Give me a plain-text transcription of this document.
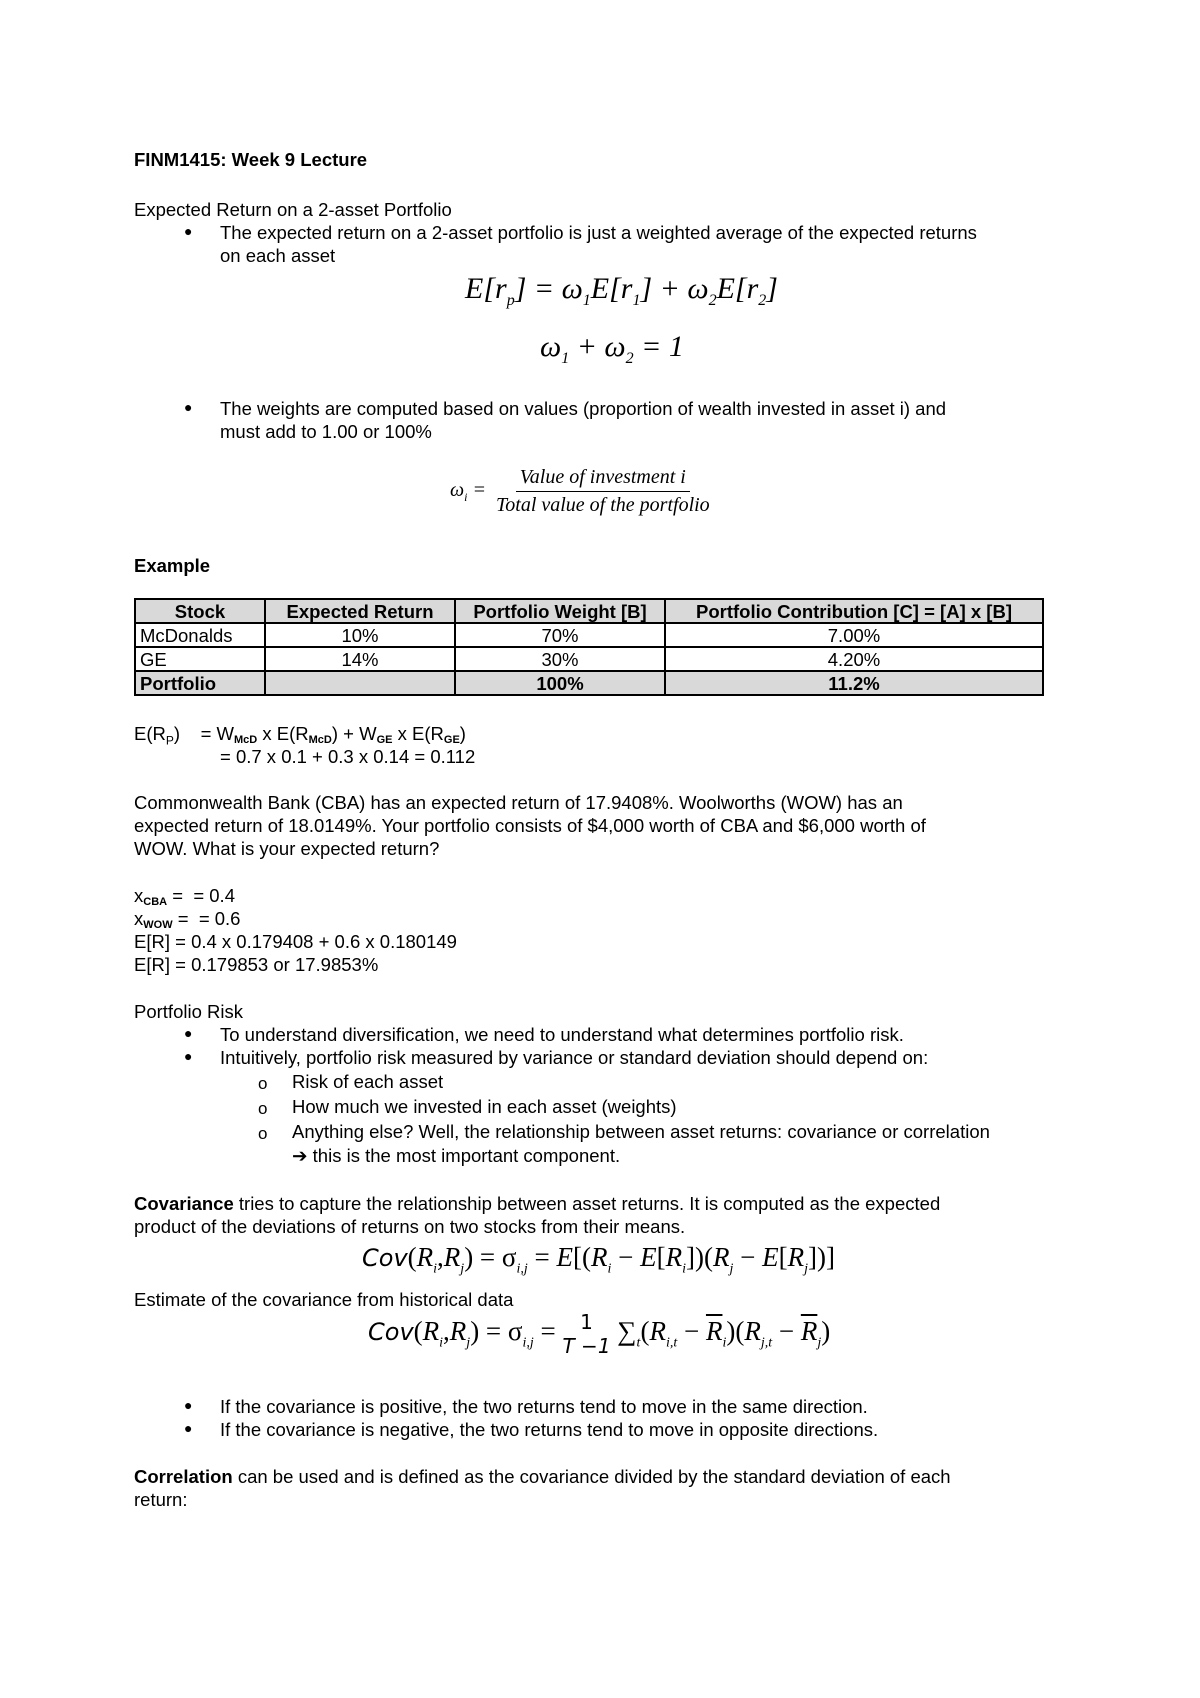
FINM1415: Week 9 Lecture
Expected Return on a 2-asset Portfolio
● The expected return on a 2-asset portfolio is just a weighted average of the expected returns
on each asset
$E[r_p] = \omega_1E[r_1] + \omega_2E[r_2]$
$\omega_1 + \omega_2 = 1$
● The weights are computed based on values (proportion of wealth invested in asset i) and
must add to 1.00 or 100%
$\omega_i = \frac{\text{Value of investment i}}{\text{Total value of the portfolio}}$
Example
Stock	Expected Return	Portfolio Weight [B]	Portfolio Contribution [C] = [A] x [B]
McDonalds	10%	70%	7.00%
GE	14%	30%	4.20%
Portfolio		100%	11.2%
$E(R_P)$    = $W_{McD}$ x $E(R_{McD}) + W_{GE}$ x $E(R_{GE})$
= 0.7 x 0.1 + 0.3 x 0.14 = 0.112
Commonwealth Bank (CBA) has an expected return of 17.9408%. Woolworths (WOW) has an
expected return of 18.0149%. Your portfolio consists of $4,000 worth of CBA and $6,000 worth of
WOW. What is your expected return?
$x_{CBA}$ =  = 0.4
$x_{WOW}$ =  = 0.6
E[R] = 0.4 x 0.179408 + 0.6 x 0.180149
E[R] = 0.179853 or 17.9853%
Portfolio Risk
● To understand diversification, we need to understand what determines portfolio risk.
● Intuitively, portfolio risk measured by variance or standard deviation should depend on:
o Risk of each asset
o How much we invested in each asset (weights)
o Anything else? Well, the relationship between asset returns: covariance or correlation
➔ this is the most important component.
Covariance tries to capture the relationship between asset returns. It is computed as the expected
product of the deviations of returns on two stocks from their means.
$Cov(R_i,R_j) = \sigma_{i,j} = E[(R_i - E[R_i])(R_j - E[R_j])]$
Estimate of the covariance from historical data
$Cov(R_i,R_j) = \sigma_{i,j} = 1$
T −1 $\sum_t(R_{i,t} - \overline{R}_i)(R_{j,t} - \overline{R}_j)$
● If the covariance is positive, the two returns tend to move in the same direction.
● If the covariance is negative, the two returns tend to move in opposite directions.
Correlation can be used and is defined as the covariance divided by the standard deviation of each
return:
